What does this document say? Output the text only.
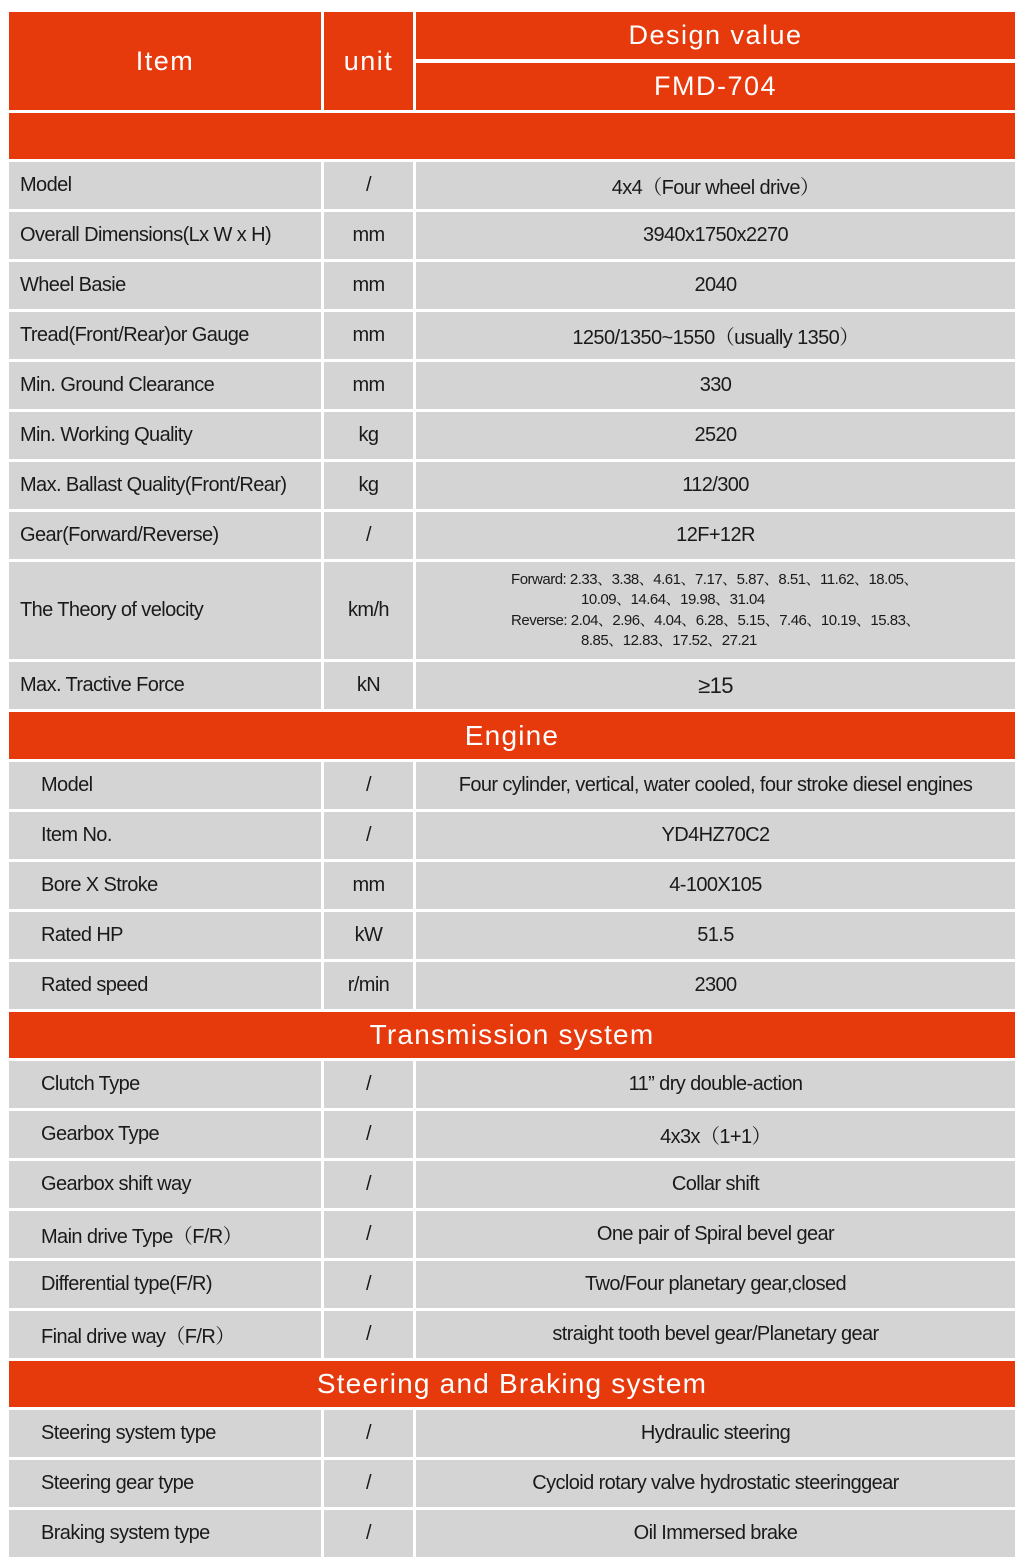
Item	unit
Design value
FMD-704
Model	/	4x4（Four wheel drive）
Overall Dimensions(Lx W x H)	mm	3940x1750x2270
Wheel Basie	mm	2040
Tread(Front/Rear)or Gauge	mm	1250/1350~1550（usually 1350）
Min. Ground Clearance	mm	330
Min. Working Quality	kg	2520
Max. Ballast Quality(Front/Rear)	kg	112/300
Gear(Forward/Reverse)	/	12F+12R
The Theory of velocity	km/h
Forward: 2.33、3.38、4.61、7.17、5.87、8.51、11.62、18.05、
10.09、14.64、19.98、31.04
Reverse: 2.04、2.96、4.04、6.28、5.15、7.46、10.19、15.83、
8.85、12.83、17.52、27.21
Max. Tractive Force	kN	≥15
Engine
Model	/	Four cylinder, vertical, water cooled, four stroke diesel engines
Item No.	/	YD4HZ70C2
Bore X Stroke	mm	4-100X105
Rated HP	kW	51.5
Rated speed	r/min	2300
Transmission system
Clutch Type	/	11” dry double-action
Gearbox Type	/	4x3x（1+1）
Gearbox shift way	/	Collar shift
Main drive Type（F/R）	/	One pair of Spiral bevel gear
Differential type(F/R)	/	Two/Four planetary gear,closed
Final drive way（F/R）	/	straight tooth bevel gear/Planetary gear
Steering and Braking system
Steering system type	/	Hydraulic steering
Steering gear type	/	Cycloid rotary valve hydrostatic steeringgear
Braking system type	/	Oil Immersed brake
